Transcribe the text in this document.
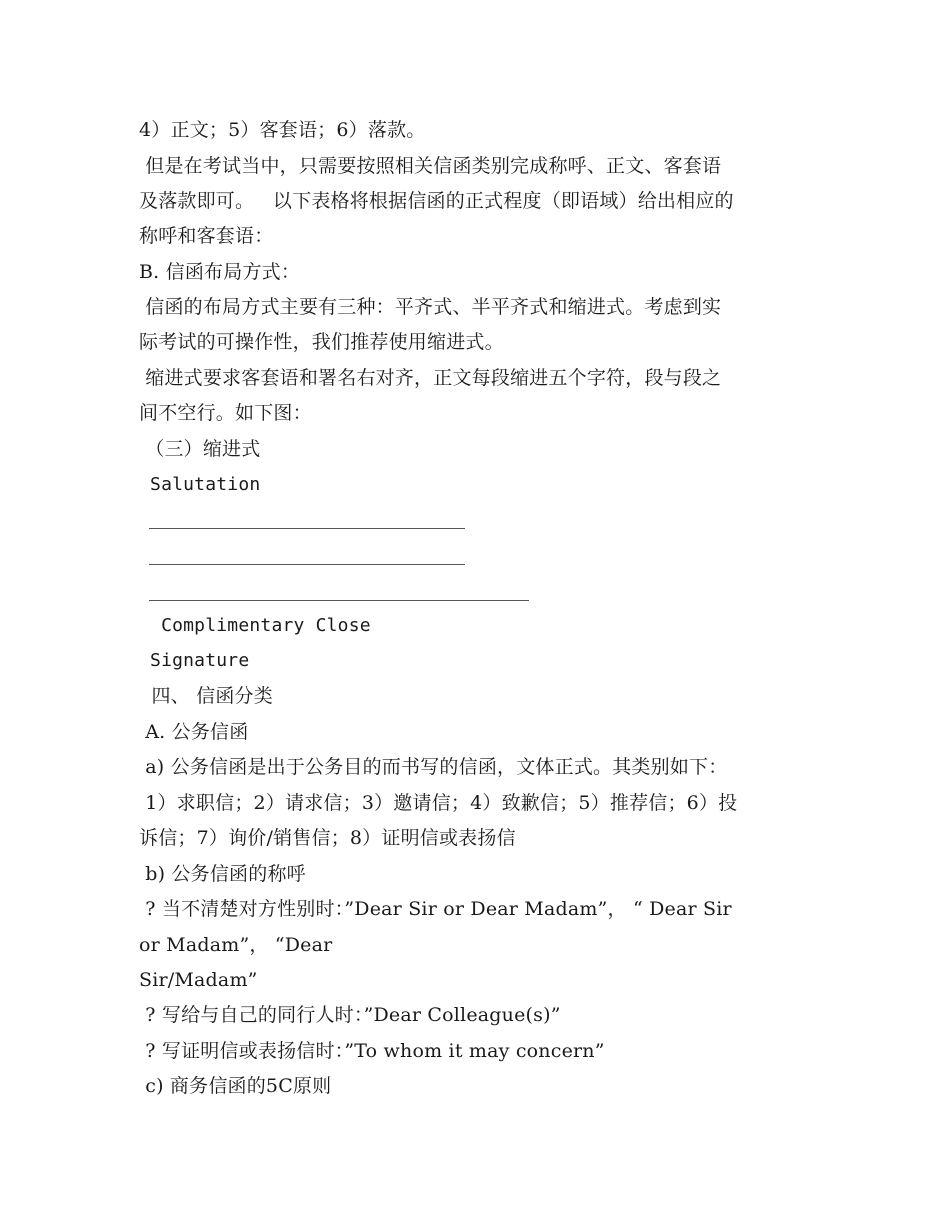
4）正文；5）客套语；6）落款。
但是在考试当中，只需要按照相关信函类别完成称呼、正文、客套语
及落款即可。   以下表格将根据信函的正式程度（即语域）给出相应的
称呼和客套语：
B. 信函布局方式：
信函的布局方式主要有三种：平齐式、半平齐式和缩进式。考虑到实
际考试的可操作性，我们推荐使用缩进式。
缩进式要求客套语和署名右对齐，正文每段缩进五个字符，段与段之
间不空行。如下图：
（三）缩进式
Salutation
Complimentary Close
Signature
四、 信函分类
A. 公务信函
a) 公务信函是出于公务目的而书写的信函，文体正式。其类别如下：
1）求职信；2）请求信；3）邀请信；4）致歉信；5）推荐信；6）投
诉信；7）询价/销售信；8）证明信或表扬信
b) 公务信函的称呼
? 当不清楚对方性别时：”Dear Sir or Dear Madam”， “ Dear Sir
or Madam”， “Dear
Sir/Madam”
? 写给与自己的同行人时：”Dear Colleague(s)”
? 写证明信或表扬信时：”To whom it may concern”
c) 商务信函的5C原则
